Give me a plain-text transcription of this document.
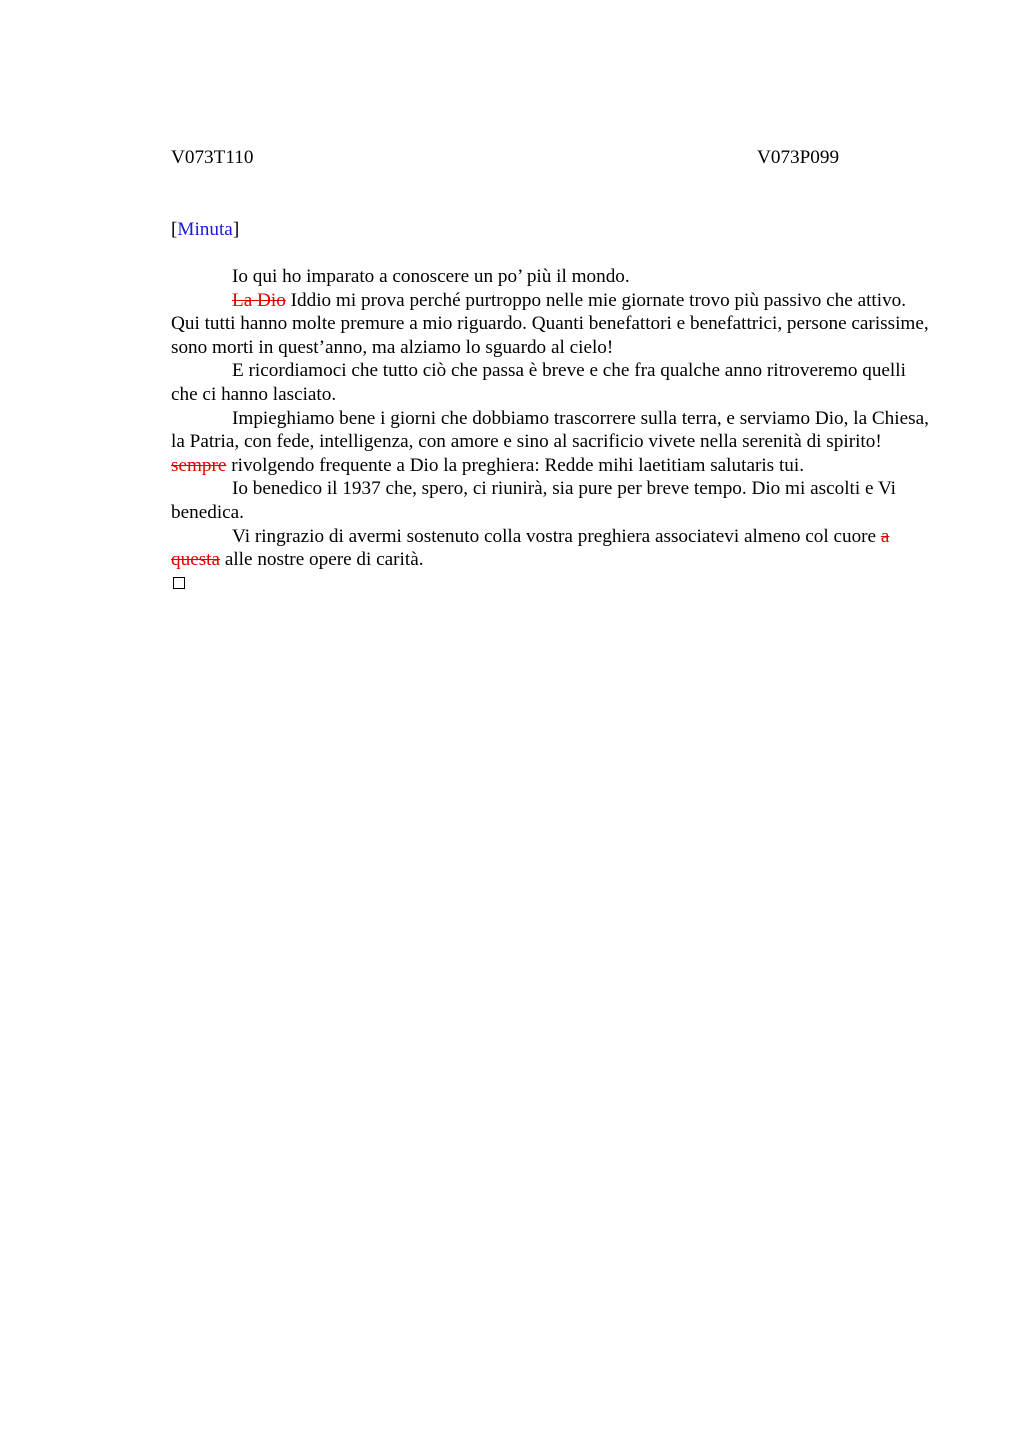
V073T110	V073P099
[Minuta]

Io qui ho imparato a conoscere un po’ più il mondo.

La Dio Iddio mi prova perché purtroppo nelle mie giornate trovo più passivo che attivo. Qui tutti hanno molte premure a mio riguardo. Quanti benefattori e benefattrici, persone carissime, sono morti in quest’anno, ma alziamo lo sguardo al cielo!

E ricordiamoci che tutto ciò che passa è breve e che fra qualche anno ritroveremo quelli che ci hanno lasciato.

Impieghiamo bene i giorni che dobbiamo trascorrere sulla terra, e serviamo Dio, la Chiesa, la Patria, con fede, intelligenza, con amore e sino al sacrificio vivete nella serenità di spirito! sempre rivolgendo frequente a Dio la preghiera: Redde mihi laetitiam salutaris tui.

Io benedico il 1937 che, spero, ci riunirà, sia pure per breve tempo. Dio mi ascolti e Vi benedica.

Vi ringrazio di avermi sostenuto colla vostra preghiera associatevi almeno col cuore a questa alle nostre opere di carità.
